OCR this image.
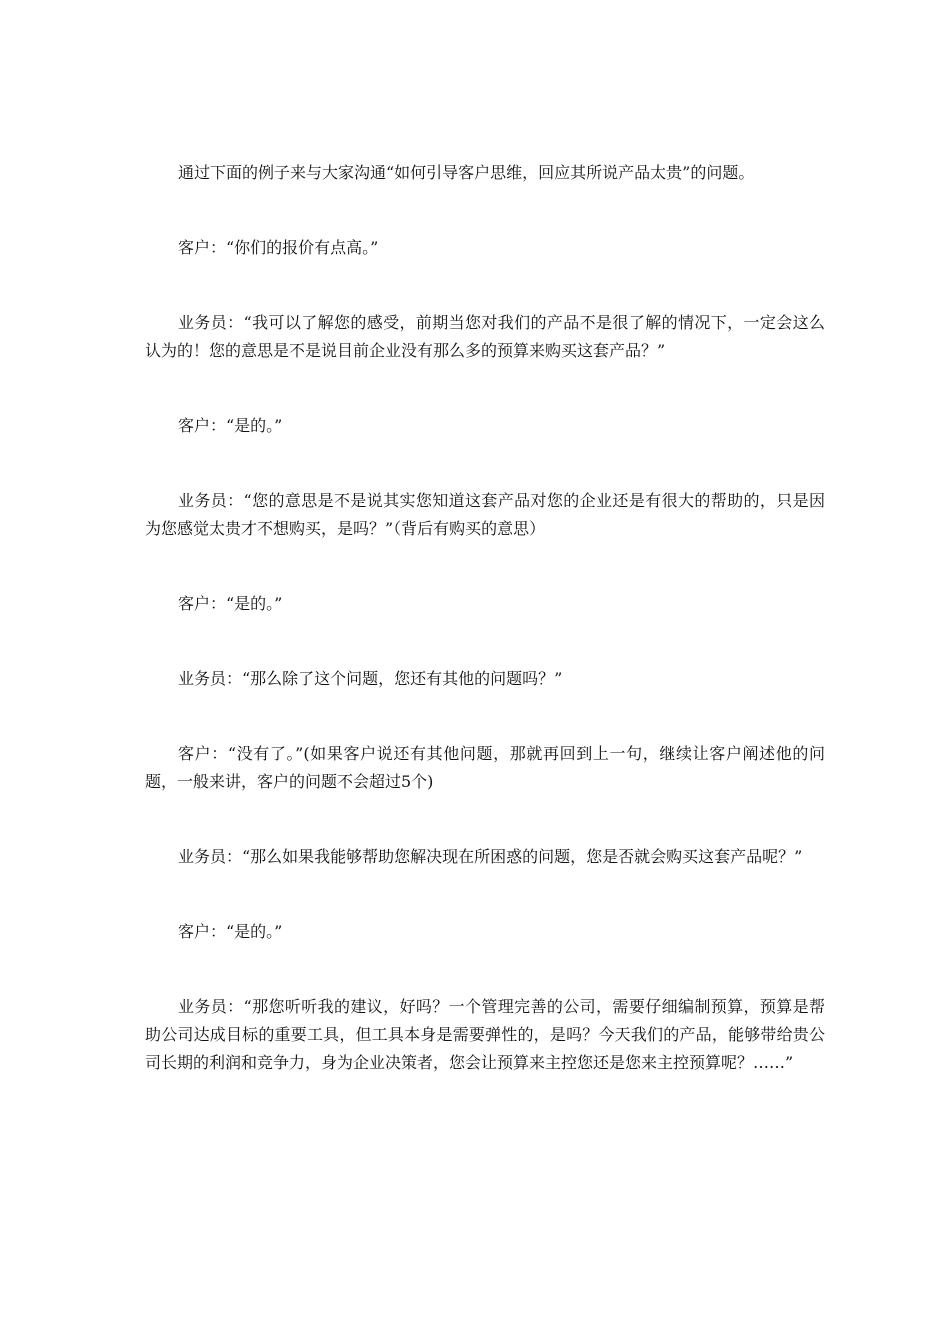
通过下面的例子来与大家沟通“如何引导客户思维，回应其所说产品太贵”的问题。

客户：“你们的报价有点高。”

业务员：“我可以了解您的感受，前期当您对我们的产品不是很了解的情况下，一定会这么认为的！您的意思是不是说目前企业没有那么多的预算来购买这套产品？”

客户：“是的。”

业务员：“您的意思是不是说其实您知道这套产品对您的企业还是有很大的帮助的，只是因为您感觉太贵才不想购买，是吗？”（背后有购买的意思）

客户：“是的。”

业务员：“那么除了这个问题，您还有其他的问题吗？”

客户：“没有了。”(如果客户说还有其他问题，那就再回到上一句，继续让客户阐述他的问题，一般来讲，客户的问题不会超过5个)

业务员：“那么如果我能够帮助您解决现在所困惑的问题，您是否就会购买这套产品呢？”

客户：“是的。”

业务员：“那您听听我的建议，好吗？一个管理完善的公司，需要仔细编制预算，预算是帮助公司达成目标的重要工具，但工具本身是需要弹性的，是吗？今天我们的产品，能够带给贵公司长期的利润和竞争力，身为企业决策者，您会让预算来主控您还是您来主控预算呢？……”
